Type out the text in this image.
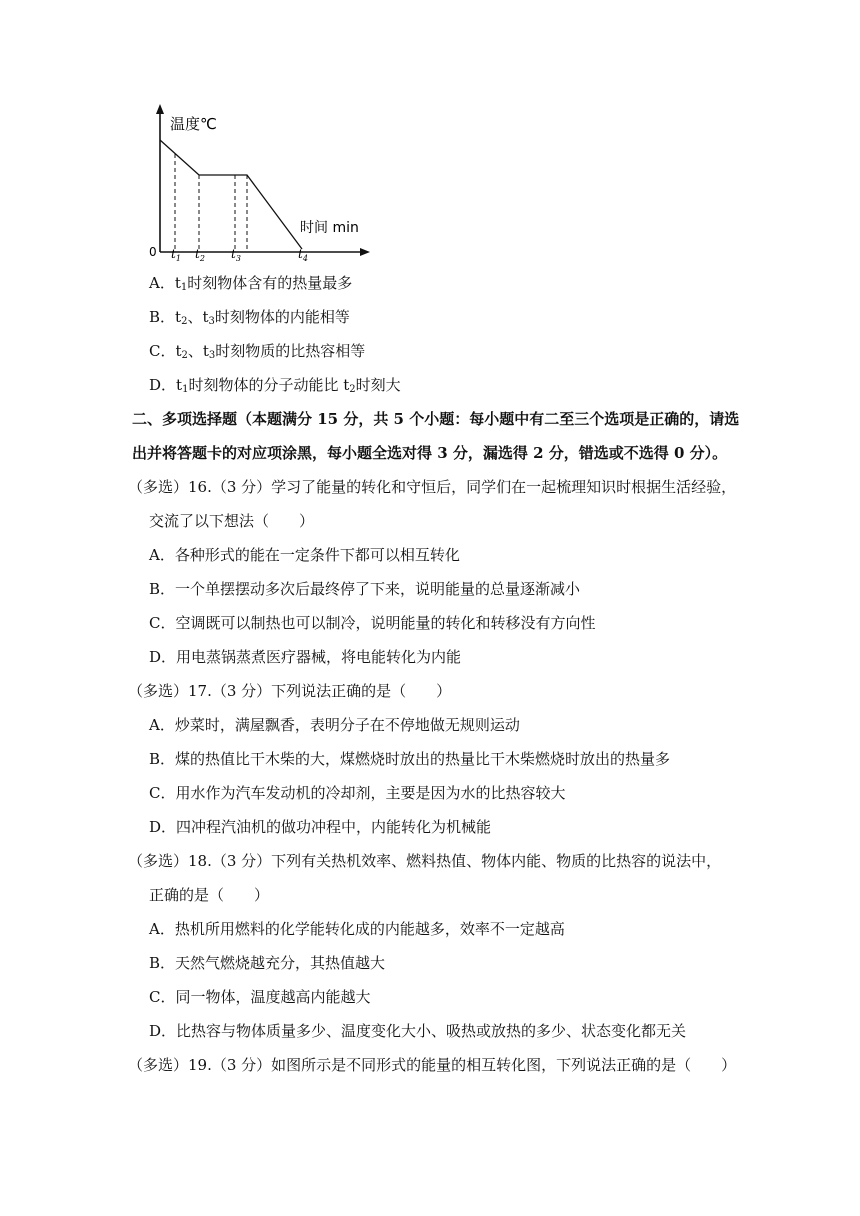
温度℃
时间 min
0 $t_1$ $t_2$ $t_3$	$t_4$
A．$t_1$时刻物体含有的热量最多
B．$t_2$、$t_3$时刻物体的内能相等
C．$t_2$、$t_3$时刻物质的比热容相等
D．$t_1$时刻物体的分子动能比 $t_2$时刻大
二、多项选择题（本题满分 15 分，共 5 个小题：每小题中有二至三个选项是正确的，请选
出并将答题卡的对应项涂黑，每小题全选对得 3 分，漏选得 2 分，错选或不选得 0 分）。
（多选）16.（3 分）学习了能量的转化和守恒后，同学们在一起梳理知识时根据生活经验，
交流了以下想法（　　）
A．各种形式的能在一定条件下都可以相互转化
B．一个单摆摆动多次后最终停了下来，说明能量的总量逐渐减小
C．空调既可以制热也可以制冷，说明能量的转化和转移没有方向性
D．用电蒸锅蒸煮医疗器械，将电能转化为内能
（多选）17.（3 分）下列说法正确的是（　　）
A．炒菜时，满屋飘香，表明分子在不停地做无规则运动
B．煤的热值比干木柴的大，煤燃烧时放出的热量比干木柴燃烧时放出的热量多
C．用水作为汽车发动机的冷却剂，主要是因为水的比热容较大
D．四冲程汽油机的做功冲程中，内能转化为机械能
（多选）18.（3 分）下列有关热机效率、燃料热值、物体内能、物质的比热容的说法中，
正确的是（　　）
A．热机所用燃料的化学能转化成的内能越多，效率不一定越高
B．天然气燃烧越充分，其热值越大
C．同一物体，温度越高内能越大
D．比热容与物体质量多少、温度变化大小、吸热或放热的多少、状态变化都无关
（多选）19.（3 分）如图所示是不同形式的能量的相互转化图，下列说法正确的是（　　）
